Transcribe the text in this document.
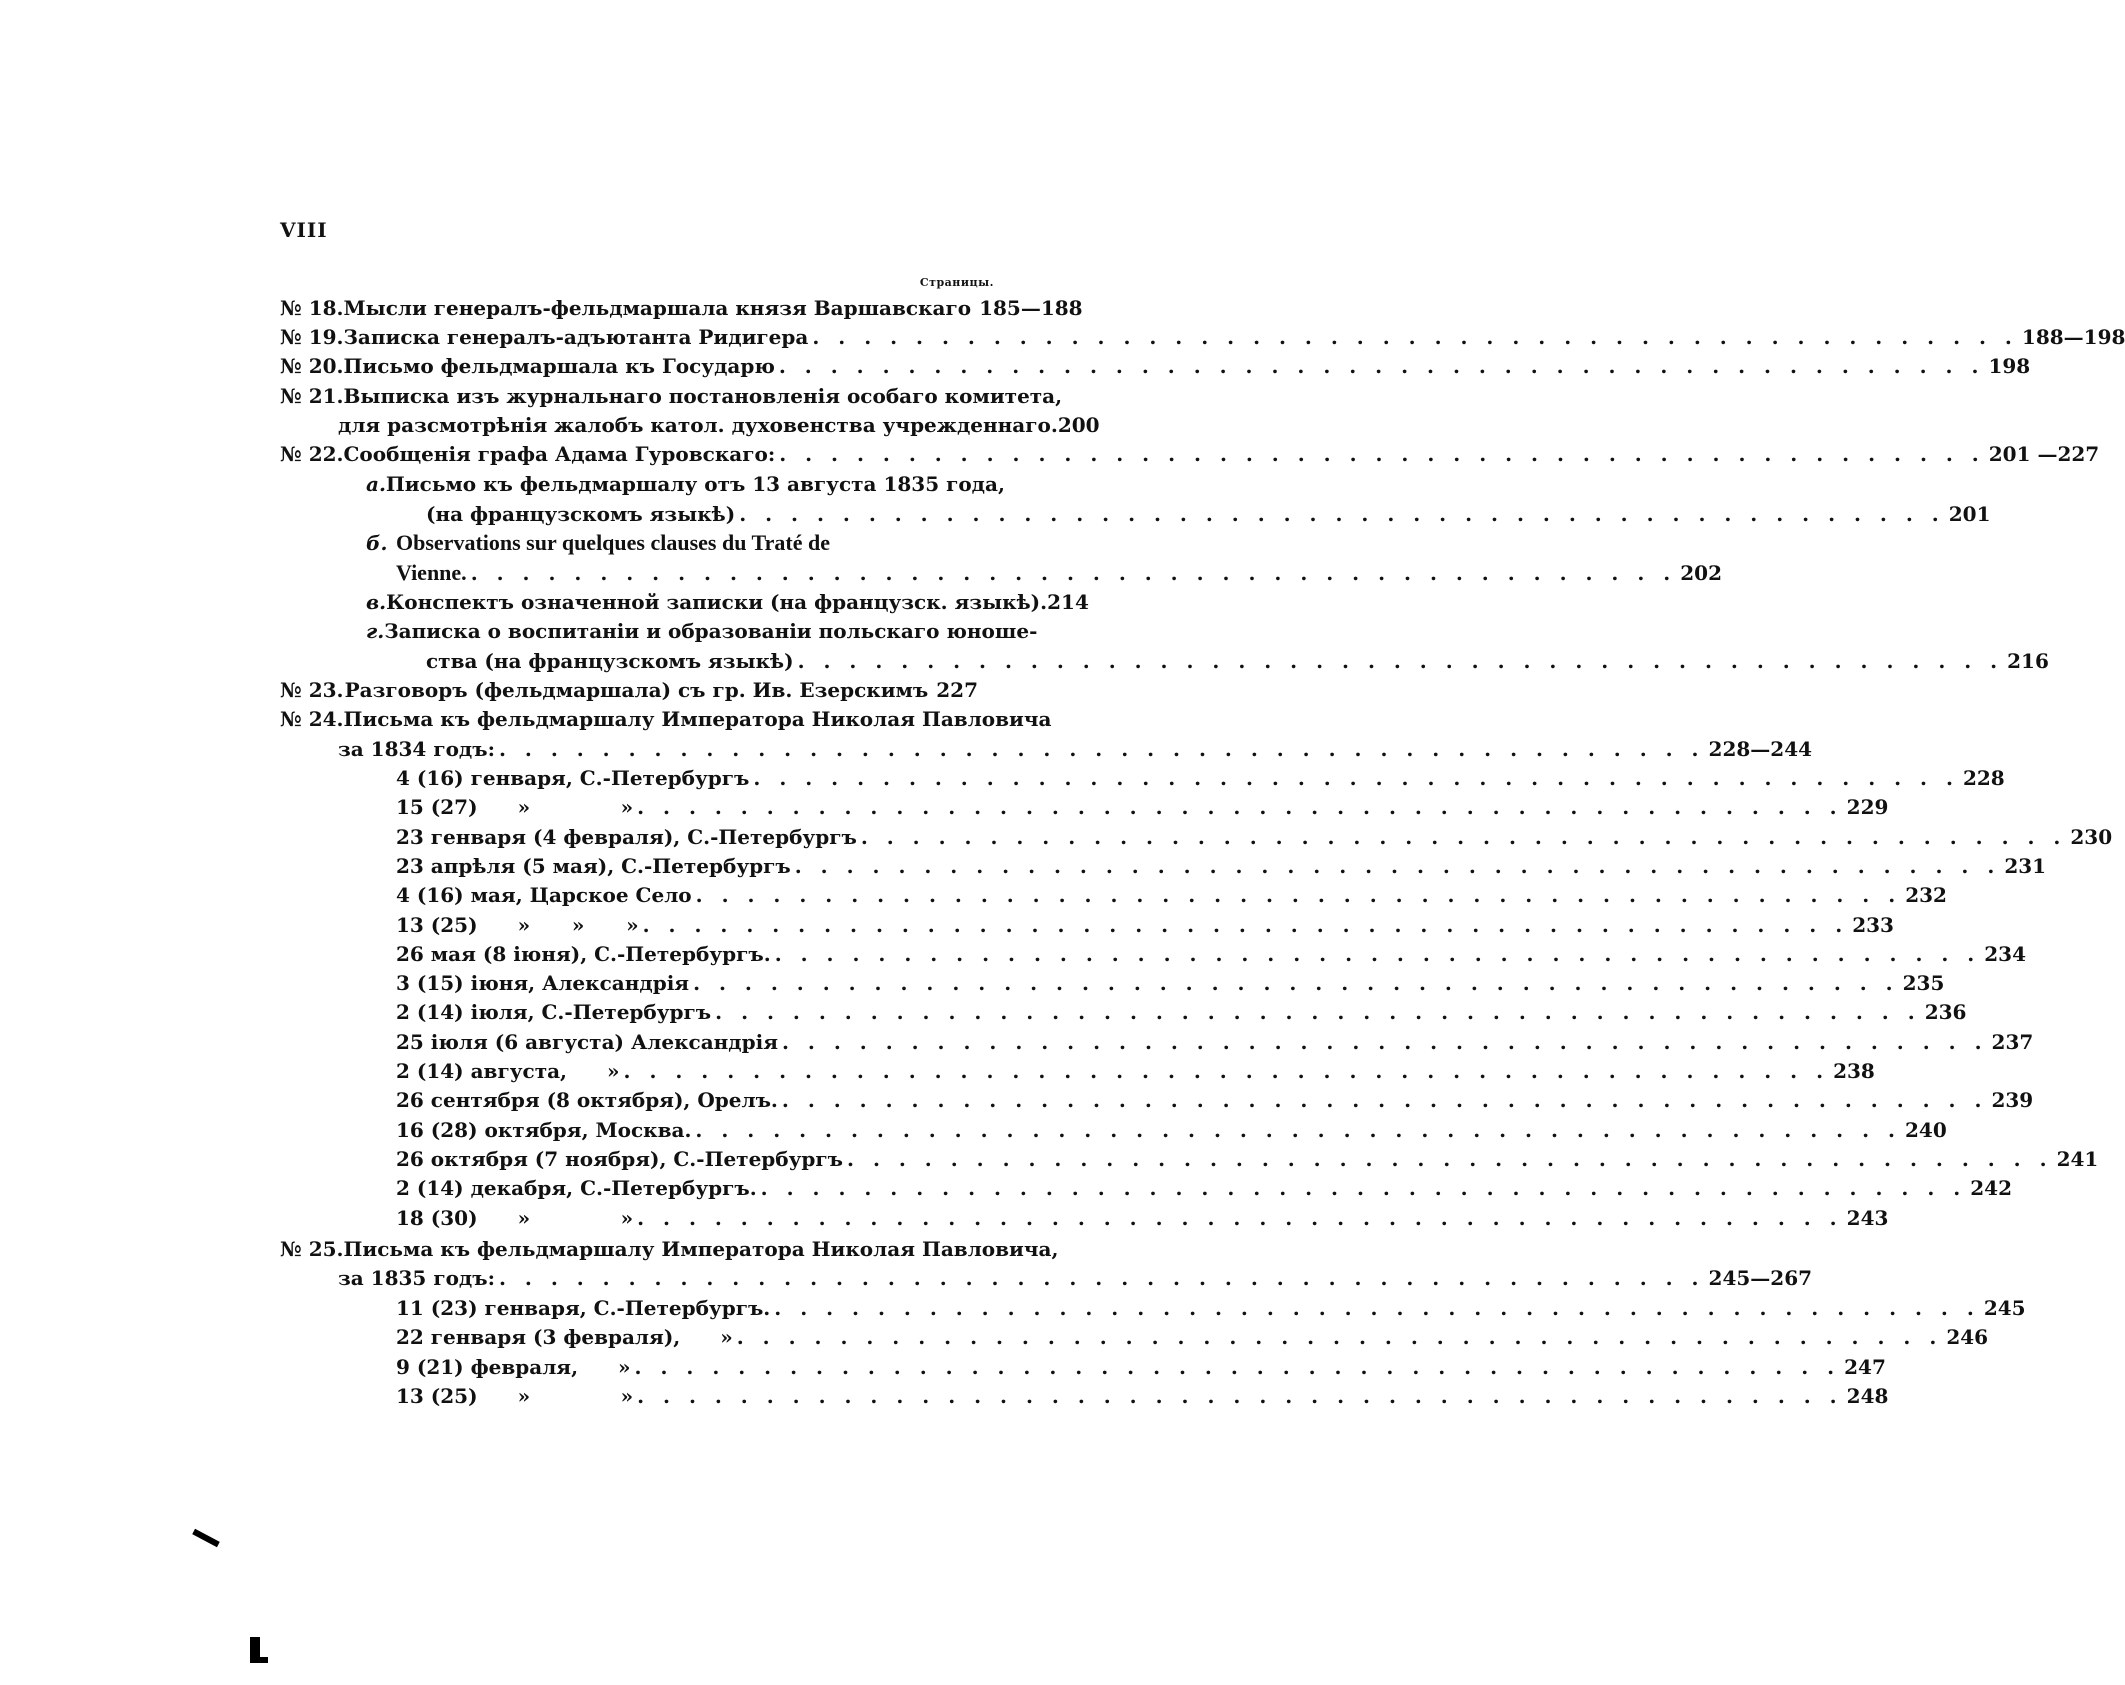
VIII
Страницы.
№ 18. Мысли генералъ-фельдмаршала князя Варшавскаго 185—188
№ 19. Записка генералъ-адъютанта Ридигера . . .	188—198
№ 20. Письмо фельдмаршала къ Государю . . .	198
№ 21. Выписка изъ журнальнаго постановленія особаго комитета,
для разсмотрѣнія жалобъ катол. духовенства учрежденнаго. 200
№ 22. Сообщенія графа Адама Гуровскаго: . . .	201 —227
а. Письмо къ фельдмаршалу отъ 13 августа 1835 года,
(на французскомъ языкѣ) . . .	201
б. Observations sur quelques clauses du Traté de
Vienne. . . .	202
в. Конспектъ означенной записки (на французск. языкѣ). 214
г. Записка о воспитаніи и образованіи польскаго юноше-
ства (на французскомъ языкѣ) . . .	216
№ 23. Разговоръ (фельдмаршала) съ гр. Ив. Езерскимъ 227
№ 24. Письма къ фельдмаршалу Императора Николая Павловича
за 1834 годъ: . . .	228—244
4 (16) генваря, С.-Петербургъ . . .	228
15 (27) »             » . . .	229
23 генваря (4 февраля), С.-Петербургъ . . .	230
23 апрѣля (5 мая), С.-Петербургъ . . .	231
4 (16) мая, Царское Село . . .	232
13 (25) »      »      » . . .	233
26 мая (8 іюня), С.-Петербургъ. . . .	234
3 (15) іюня, Александрія . . .	235
2 (14) іюля, С.-Петербургъ . . .	236
25 іюля (6 августа) Александрія . . .	237
2 (14) августа, » . . .	238
26 сентября (8 октября), Орелъ. . . .	239
16 (28) октября, Москва. . . .	240
26 октября (7 ноября), С.-Петербургъ . . .	241
2 (14) декабря, С.-Петербургъ. . . .	242
18 (30) »             » . . .	243
№ 25. Письма къ фельдмаршалу Императора Николая Павловича,
за 1835 годъ: . . .	245—267
11 (23) генваря, С.-Петербургъ. . . .	245
22 генваря (3 февраля), » . . .	246
9 (21) февраля, » . . .	247
13 (25) »             » . . .	248
